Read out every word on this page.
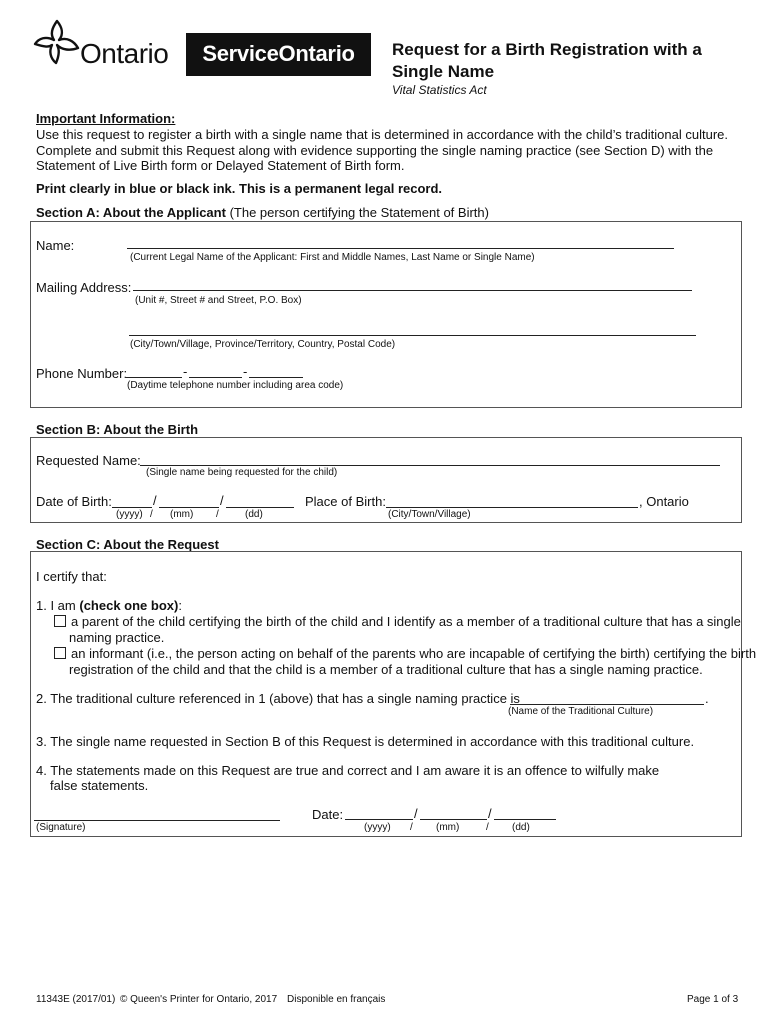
Ontario	ServiceOntario	Request for a Birth Registration with a
Single Name
Vital Statistics Act
Important Information:
Use this request to register a birth with a single name that is determined in accordance with the child’s traditional culture.
Complete and submit this Request along with evidence supporting the single naming practice (see Section D) with the
Statement of Live Birth form or Delayed Statement of Birth form.
Print clearly in blue or black ink. This is a permanent legal record.
Section A: About the Applicant (The person certifying the Statement of Birth)
Name:
(Current Legal Name of the Applicant: First and Middle Names, Last Name or Single Name)
Mailing Address:
(Unit #, Street # and Street, P.O. Box)
(City/Town/Village, Province/Territory, Country, Postal Code)
Phone Number:	-	-
(Daytime telephone number including area code)
Section B: About the Birth
Requested Name:
(Single name being requested for the child)
Date of Birth:	/	/
(yyyy) / (mm) /	(dd)
Place of Birth:	, Ontario
(City/Town/Village)
Section C: About the Request
I certify that:
1. I am (check one box):
a parent of the child certifying the birth of the child and I identify as a member of a traditional culture that has a single
naming practice.
an informant (i.e., the person acting on behalf of the parents who are incapable of certifying the birth) certifying the birth
registration of the child and that the child is a member of a traditional culture that has a single naming practice.
2. The traditional culture referenced in 1 (above) that has a single naming practice is	.
(Name of the Traditional Culture)
3. The single name requested in Section B of this Request is determined in accordance with this traditional culture.
4. The statements made on this Request are true and correct and I am aware it is an offence to wilfully make
false statements.
(Signature)
Date:	/	/
(yyyy) / (mm)	/ (dd)
11343E (2017/01) © Queen's Printer for Ontario, 2017 Disponible en français	Page 1 of 3
